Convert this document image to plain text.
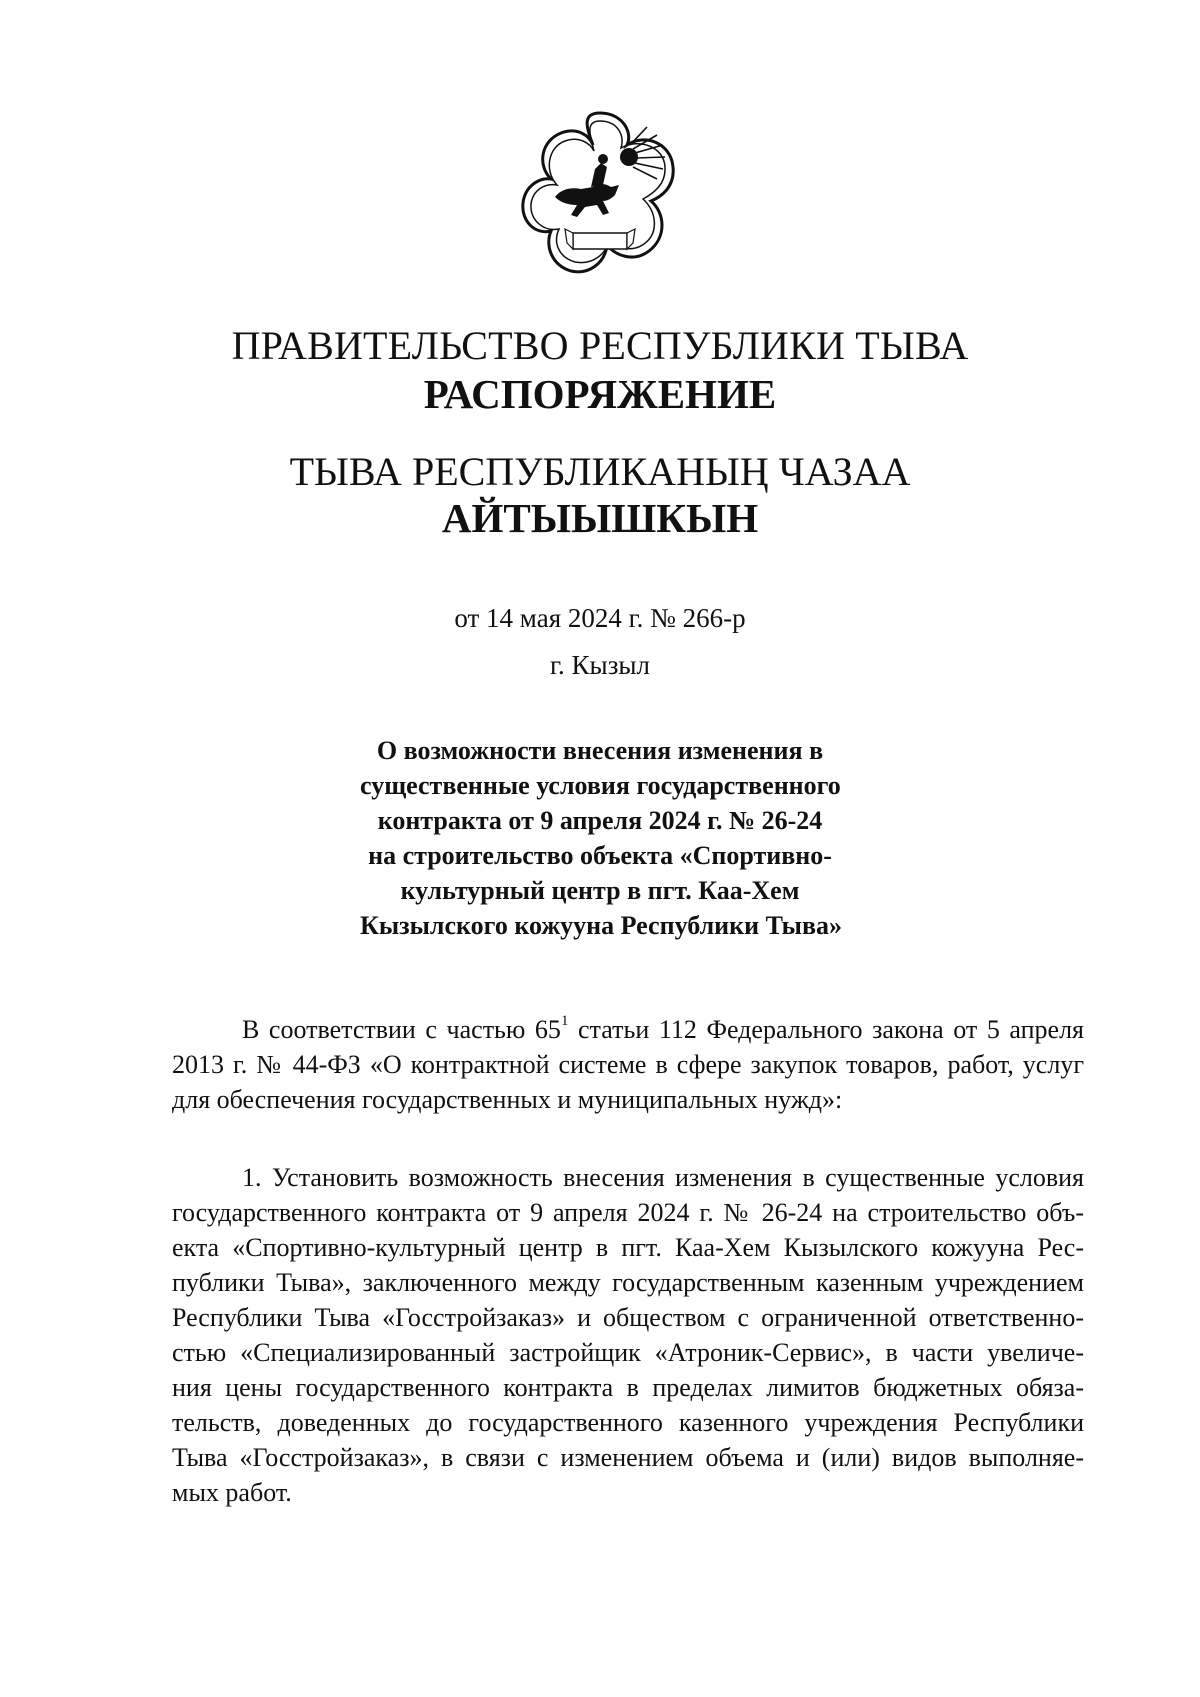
ПРАВИТЕЛЬСТВО РЕСПУБЛИКИ ТЫВА
РАСПОРЯЖЕНИЕ
ТЫВА РЕСПУБЛИКАНЫҢ ЧАЗАА
АЙТЫЫШКЫН
от 14 мая 2024 г. № 266-р
г. Кызыл
О возможности внесения изменения в
существенные условия государственного
контракта от 9 апреля 2024 г. № 26-24
на строительство объекта «Спортивно-
культурный центр в пгт. Каа-Хем
Кызылского кожууна Республики Тыва»
В соответствии с частью $65^1$ статьи 112 Федерального закона от 5 апреля
2013 г. № 44-ФЗ «О контрактной системе в сфере закупок товаров, работ, услуг
для обеспечения государственных и муниципальных нужд»:
1. Установить возможность внесения изменения в существенные условия
государственного контракта от 9 апреля 2024 г. № 26-24 на строительство объ-
екта «Спортивно-культурный центр в пгт. Каа-Хем Кызылского кожууна Рес-
публики Тыва», заключенного между государственным казенным учреждением
Республики Тыва «Госстройзаказ» и обществом с ограниченной ответственно-
стью «Специализированный застройщик «Атроник-Сервис», в части увеличе-
ния цены государственного контракта в пределах лимитов бюджетных обяза-
тельств, доведенных до государственного казенного учреждения Республики
Тыва «Госстройзаказ», в связи с изменением объема и (или) видов выполняе-
мых работ.
